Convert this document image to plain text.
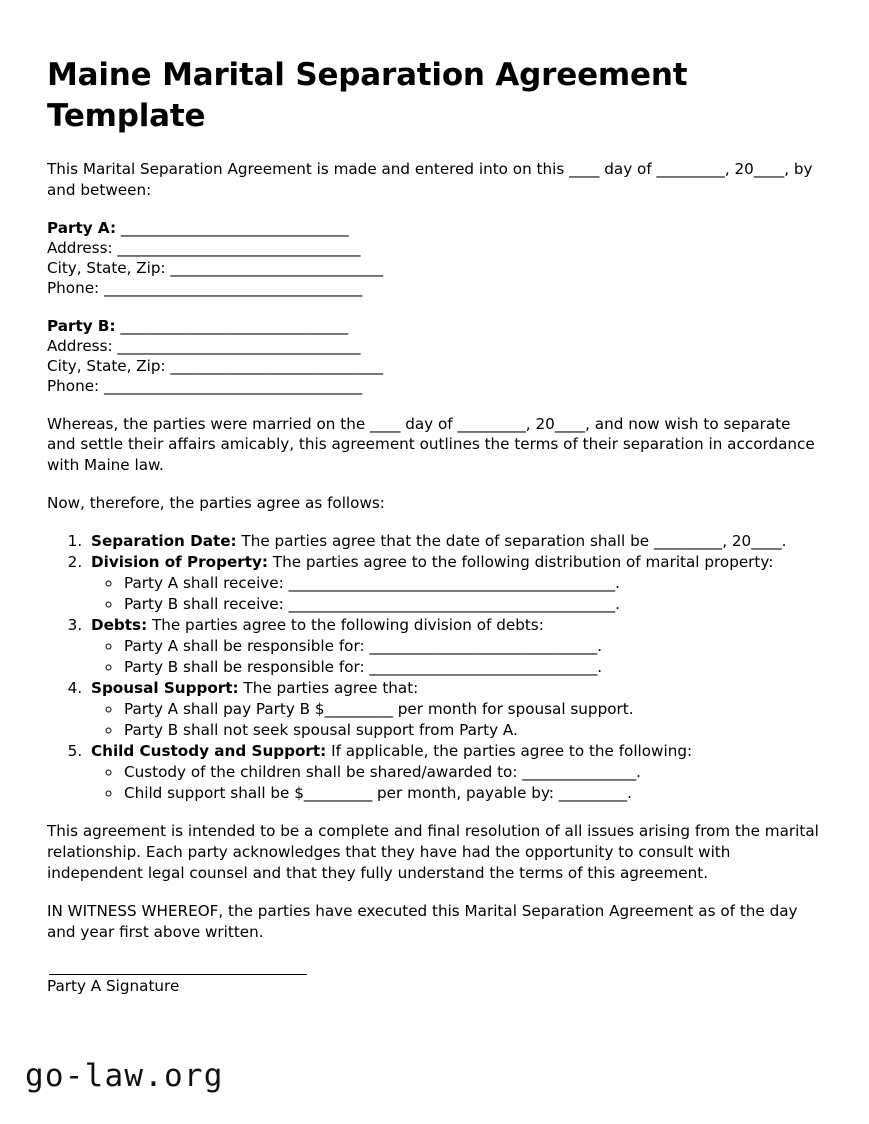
Maine Marital Separation Agreement Template

This Marital Separation Agreement is made and entered into on this ____ day of _________, 20____, by and between:

Party A: ______________________________
Address: ________________________________
City, State, Zip: ____________________________
Phone: __________________________________
Party B: ______________________________
Address: ________________________________
City, State, Zip: ____________________________
Phone: __________________________________

Whereas, the parties were married on the ____ day of _________, 20____, and now wish to separate and settle their affairs amicably, this agreement outlines the terms of their separation in accordance with Maine law.

Now, therefore, the parties agree as follows:

1. Separation Date: The parties agree that the date of separation shall be _________, 20____.
2. Division of Property: The parties agree to the following distribution of marital property:
◦ Party A shall receive: ___________________________________________.
◦ Party B shall receive: ___________________________________________.
3. Debts: The parties agree to the following division of debts:
◦ Party A shall be responsible for: ______________________________.
◦ Party B shall be responsible for: ______________________________.
4. Spousal Support: The parties agree that:
◦ Party A shall pay Party B $_________ per month for spousal support.
◦ Party B shall not seek spousal support from Party A.
5. Child Custody and Support: If applicable, the parties agree to the following:
◦ Custody of the children shall be shared/awarded to: _______________.
◦ Child support shall be $_________ per month, payable by: _________.

This agreement is intended to be a complete and final resolution of all issues arising from the marital relationship. Each party acknowledges that they have had the opportunity to consult with independent legal counsel and that they fully understand the terms of this agreement.

IN WITNESS WHEREOF, the parties have executed this Marital Separation Agreement as of the day and year first above written.

Party A Signature

go-law.org
